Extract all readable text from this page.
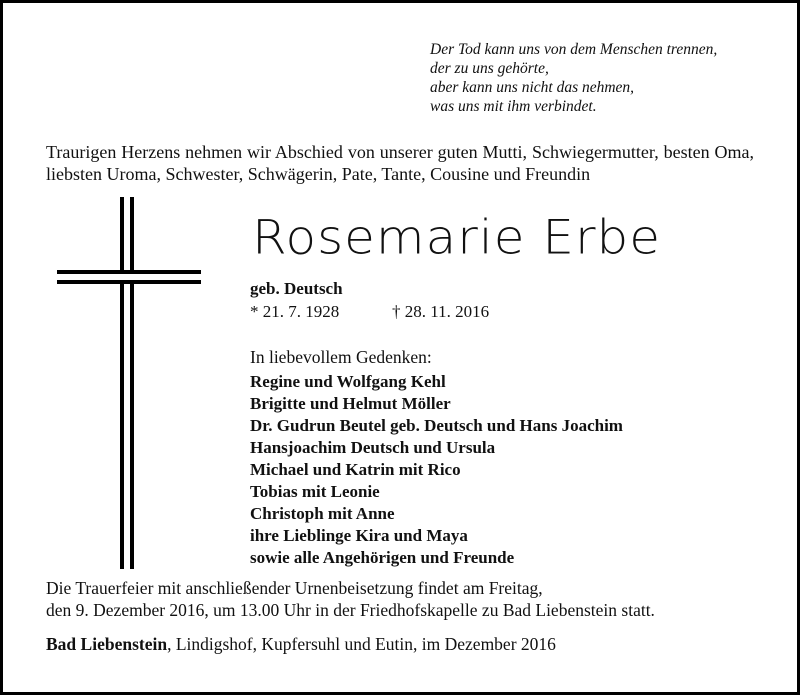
Der Tod kann uns von dem Menschen trennen,
der zu uns gehörte,
aber kann uns nicht das nehmen,
was uns mit ihm verbindet.
Traurigen Herzens nehmen wir Abschied von unserer guten Mutti, Schwiegermutter, besten Oma, liebsten Uroma, Schwester, Schwägerin, Pate, Tante, Cousine und Freundin
Rosemarie Erbe
geb. Deutsch
* 21. 7. 1928	† 28. 11. 2016
In liebevollem Gedenken:
Regine und Wolfgang Kehl
Brigitte und Helmut Möller
Dr. Gudrun Beutel geb. Deutsch und Hans Joachim
Hansjoachim Deutsch und Ursula
Michael und Katrin mit Rico
Tobias mit Leonie
Christoph mit Anne
ihre Lieblinge Kira und Maya
sowie alle Angehörigen und Freunde
Die Trauerfeier mit anschließender Urnenbeisetzung findet am Freitag,
den 9. Dezember 2016, um 13.00 Uhr in der Friedhofskapelle zu Bad Liebenstein statt.
Bad Liebenstein, Lindigshof, Kupfersuhl und Eutin, im Dezember 2016
